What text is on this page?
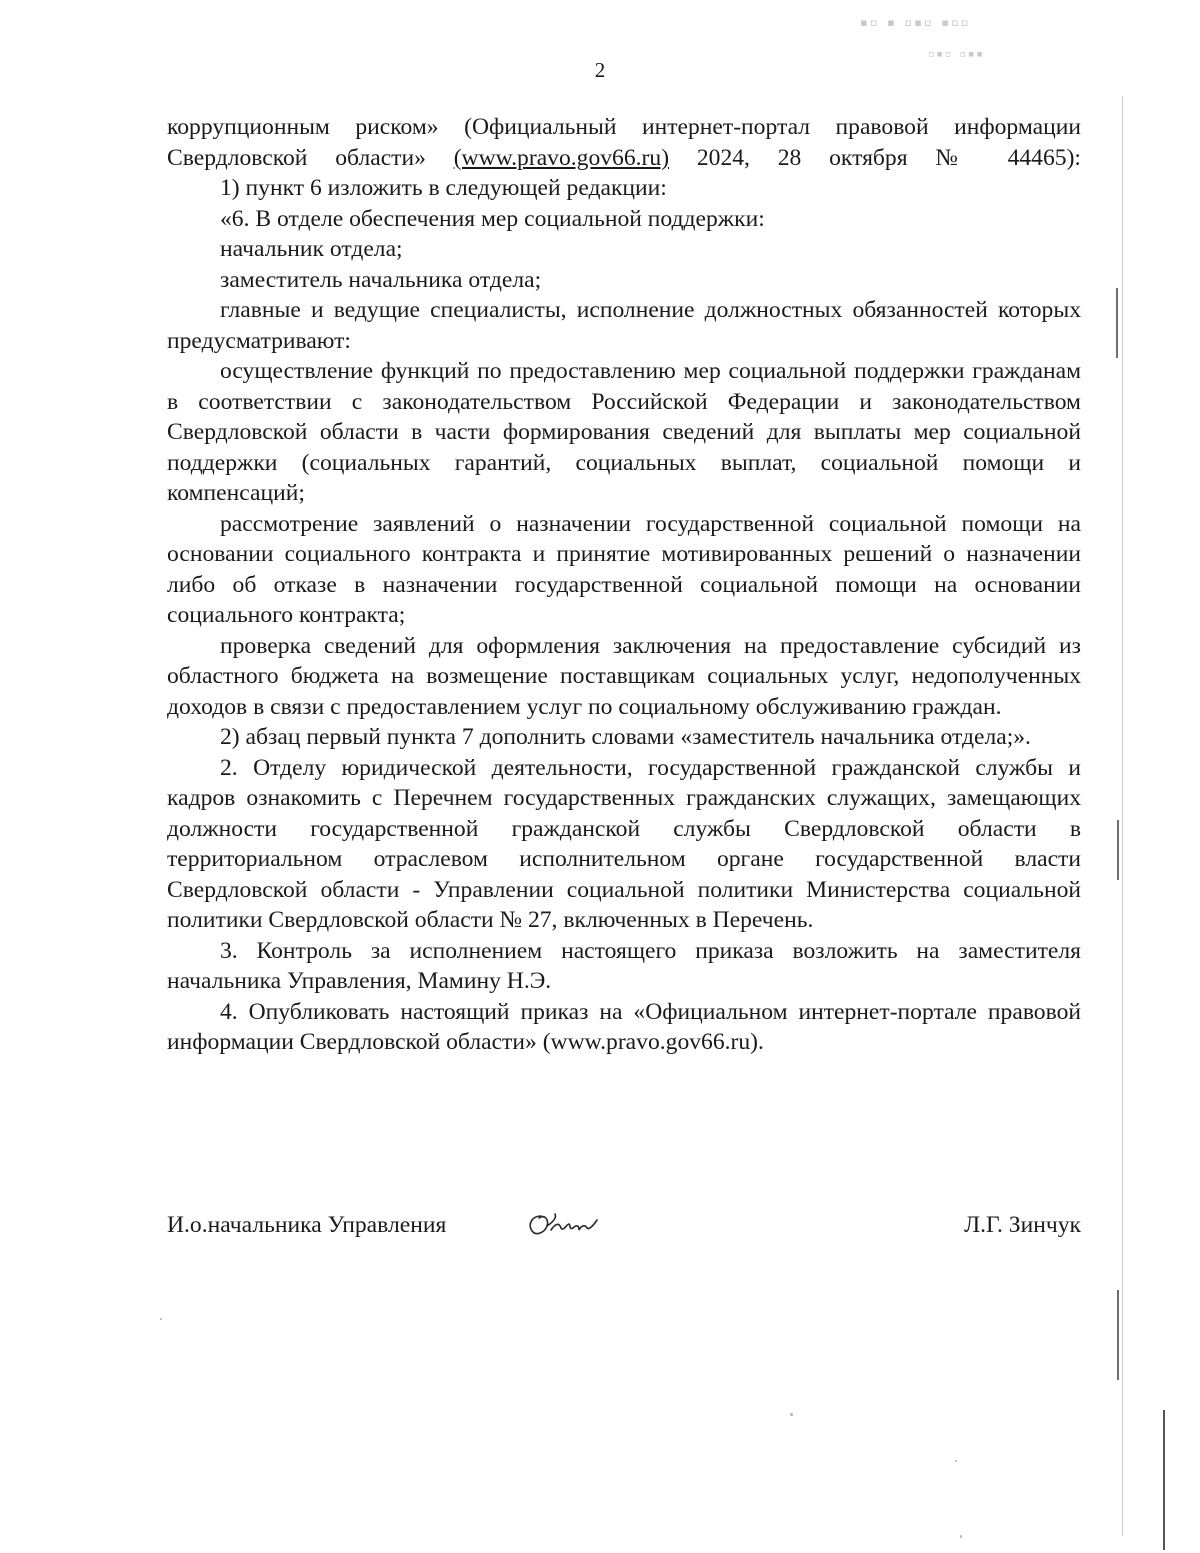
▪▫ ▪ ▫▪▫ ▪▫▫
▫▪▫ ▫▪▪
2

коррупционным риском» (Официальный интернет-портал правовой информации Свердловской области» (www.pravo.gov66.ru) 2024, 28 октября № 44465):

1) пункт 6 изложить в следующей редакции:

«6. В отделе обеспечения мер социальной поддержки:

начальник отдела;

заместитель начальника отдела;

главные и ведущие специалисты, исполнение должностных обязанностей которых предусматривают:

осуществление функций по предоставлению мер социальной поддержки гражданам в соответствии с законодательством Российской Федерации и законодательством Свердловской области в части формирования сведений для выплаты мер социальной поддержки (социальных гарантий, социальных выплат, социальной помощи и компенсаций;

рассмотрение заявлений о назначении государственной социальной помощи на основании социального контракта и принятие мотивированных решений о назначении либо об отказе в назначении государственной социальной помощи на основании социального контракта;

проверка сведений для оформления заключения на предоставление субсидий из областного бюджета на возмещение поставщикам социальных услуг, недополученных доходов в связи с предоставлением услуг по социальному обслуживанию граждан.

2) абзац первый пункта 7 дополнить словами «заместитель начальника отдела;».

2. Отделу юридической деятельности, государственной гражданской службы и кадров ознакомить с Перечнем государственных гражданских служащих, замещающих должности государственной гражданской службы Свердловской области в территориальном отраслевом исполнительном органе государственной власти Свердловской области - Управлении социальной политики Министерства социальной политики Свердловской области № 27, включенных в Перечень.

3. Контроль за исполнением настоящего приказа возложить на заместителя начальника Управления, Мамину Н.Э.

4. Опубликовать настоящий приказ на «Официальном интернет-портале правовой информации Свердловской области» (www.pravo.gov66.ru).

И.о.начальника Управления	Л.Г. Зинчук
